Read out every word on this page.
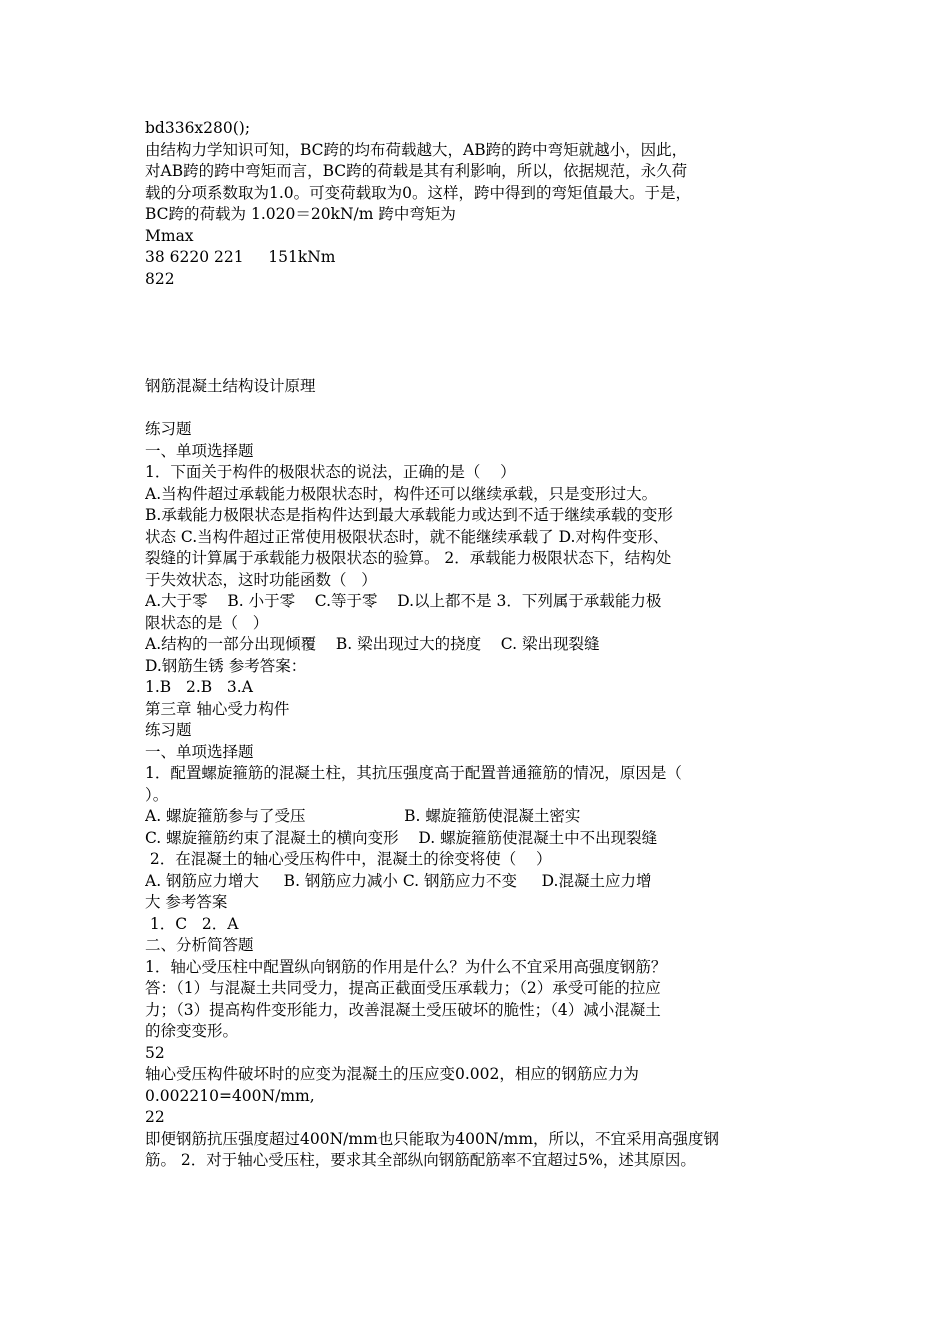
bd336x280();
由结构力学知识可知，BC跨的均布荷载越大，AB跨的跨中弯矩就越小，因此，
对AB跨的跨中弯矩而言，BC跨的荷载是其有利影响，所以，依据规范，永久荷
载的分项系数取为1.0。可变荷载取为0。这样，跨中得到的弯矩值最大。于是，
BC跨的荷载为 1.020＝20kN/m 跨中弯矩为
Mmax
38 6220 221     151kNm
822
钢筋混凝土结构设计原理
练习题
一、单项选择题
1．下面关于构件的极限状态的说法，正确的是（    ）
A.当构件超过承载能力极限状态时，构件还可以继续承载，只是变形过大。
B.承载能力极限状态是指构件达到最大承载能力或达到不适于继续承载的变形
状态 C.当构件超过正常使用极限状态时，就不能继续承载了 D.对构件变形、
裂缝的计算属于承载能力极限状态的验算。 2．承载能力极限状态下，结构处
于失效状态，这时功能函数（   ）
A.大于零    B. 小于零    C.等于零    D.以上都不是 3．下列属于承载能力极
限状态的是（   ）
A.结构的一部分出现倾覆    B. 梁出现过大的挠度    C. 梁出现裂缝
D.钢筋生锈 参考答案：
1.B   2.B   3.A
第三章 轴心受力构件
练习题
一、单项选择题
1．配置螺旋箍筋的混凝土柱，其抗压强度高于配置普通箍筋的情况，原因是（
）。
A. 螺旋箍筋参与了受压                    B. 螺旋箍筋使混凝土密实
C. 螺旋箍筋约束了混凝土的横向变形    D. 螺旋箍筋使混凝土中不出现裂缝
2．在混凝土的轴心受压构件中，混凝土的徐变将使（    ）
A. 钢筋应力增大     B. 钢筋应力减小 C. 钢筋应力不变     D.混凝土应力增
大 参考答案
1．C   2．A
二、分析简答题
1．轴心受压柱中配置纵向钢筋的作用是什么？为什么不宜采用高强度钢筋？
答：（1）与混凝土共同受力，提高正截面受压承载力；（2）承受可能的拉应
力；（3）提高构件变形能力，改善混凝土受压破坏的脆性；（4）减小混凝土
的徐变变形。
52
轴心受压构件破坏时的应变为混凝土的压应变0.002，相应的钢筋应力为
0.002210=400N/mm,
22
即便钢筋抗压强度超过400N/mm也只能取为400N/mm，所以，不宜采用高强度钢
筋。 2．对于轴心受压柱，要求其全部纵向钢筋配筋率不宜超过5%，述其原因。
